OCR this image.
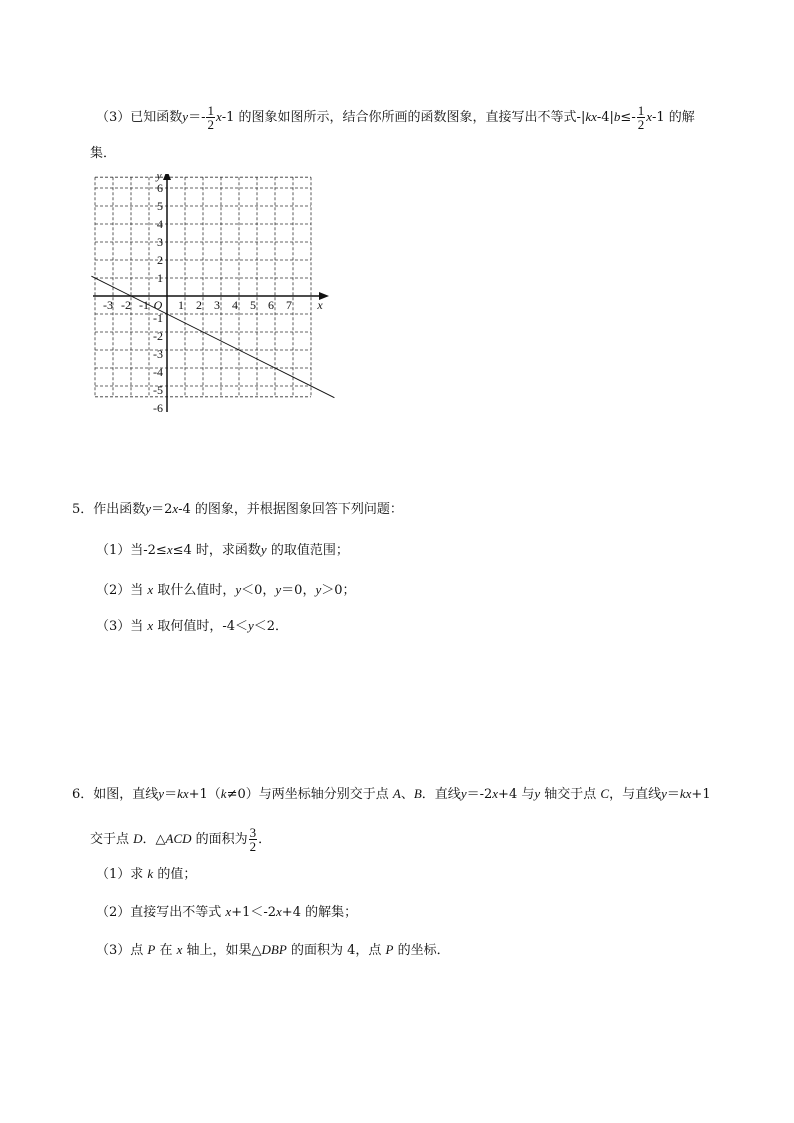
（3）已知函数$y=- \frac{1}{2} x-1$ 的图象如图所示，结合你所画的函数图象，直接写出不等式$-|kx-4|b\le- \frac{1}{2} x-1$ 的解
集．
1 2 3 4 5 6 7
-3 -2 -1
6
5
4
3
2
1
-1
-2
-3
-4
-5
-6
O	x
y
5．作出函数y＝2x-4 的图象，并根据图象回答下列问题：
（1）当-2≤x≤4 时，求函数y 的取值范围；
（2）当 x 取什么值时，y＜0，y＝0，y＞0；
（3）当 x 取何值时，-4＜y＜2．
6．如图，直线y＝kx+1（k≠0）与两坐标轴分别交于点 A、B．直线y＝-2x+4 与y 轴交于点 C，与直线y＝kx+1
交于点 D．△ACD 的面积为 $\frac{3}{2}$ ．
（1）求 k 的值；
（2）直接写出不等式 x+1＜-2x+4 的解集；
（3）点 P 在 x 轴上，如果△DBP 的面积为 4，点 P 的坐标．
